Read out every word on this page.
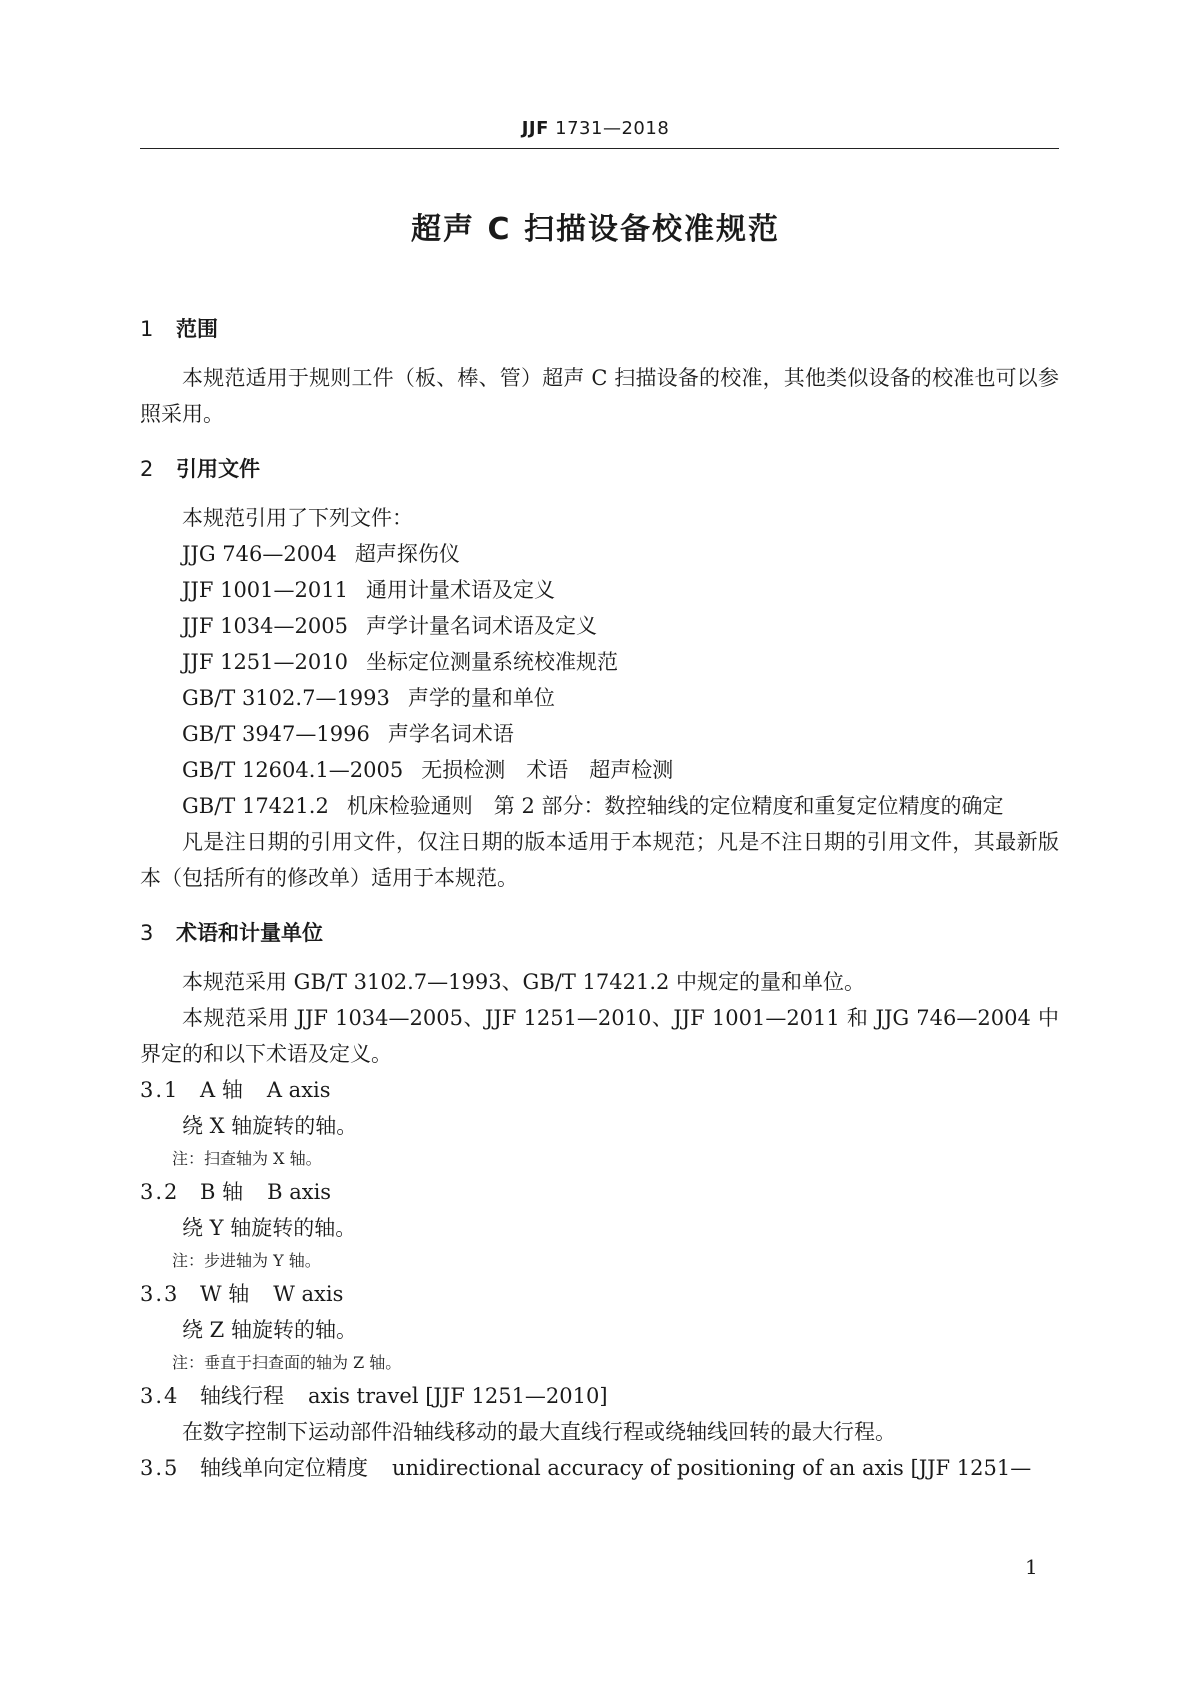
JJF 1731—2018
超声 C 扫描设备校准规范
1 范围
本规范适用于规则工件（板、棒、管）超声 C 扫描设备的校准，其他类似设备的校准也可以参照采用。
2 引用文件
本规范引用了下列文件：
JJG 746—2004 超声探伤仪
JJF 1001—2011 通用计量术语及定义
JJF 1034—2005 声学计量名词术语及定义
JJF 1251—2010 坐标定位测量系统校准规范
GB/T 3102.7—1993 声学的量和单位
GB/T 3947—1996 声学名词术语
GB/T 12604.1—2005 无损检测　术语　超声检测
GB/T 17421.2 机床检验通则　第 2 部分：数控轴线的定位精度和重复定位精度的确定
凡是注日期的引用文件，仅注日期的版本适用于本规范；凡是不注日期的引用文件，其最新版本（包括所有的修改单）适用于本规范。
3 术语和计量单位
本规范采用 GB/T 3102.7—1993、GB/T 17421.2 中规定的量和单位。
本规范采用 JJF 1034—2005、JJF 1251—2010、JJF 1001—2011 和 JJG 746—2004 中界定的和以下术语及定义。
3.1 A 轴 A axis
绕 X 轴旋转的轴。
注：扫查轴为 X 轴。
3.2 B 轴 B axis
绕 Y 轴旋转的轴。
注：步进轴为 Y 轴。
3.3 W 轴 W axis
绕 Z 轴旋转的轴。
注：垂直于扫查面的轴为 Z 轴。
3.4 轴线行程 axis travel [JJF 1251—2010]
在数字控制下运动部件沿轴线移动的最大直线行程或绕轴线回转的最大行程。
3.5 轴线单向定位精度 unidirectional accuracy of positioning of an axis [JJF 1251—
1
